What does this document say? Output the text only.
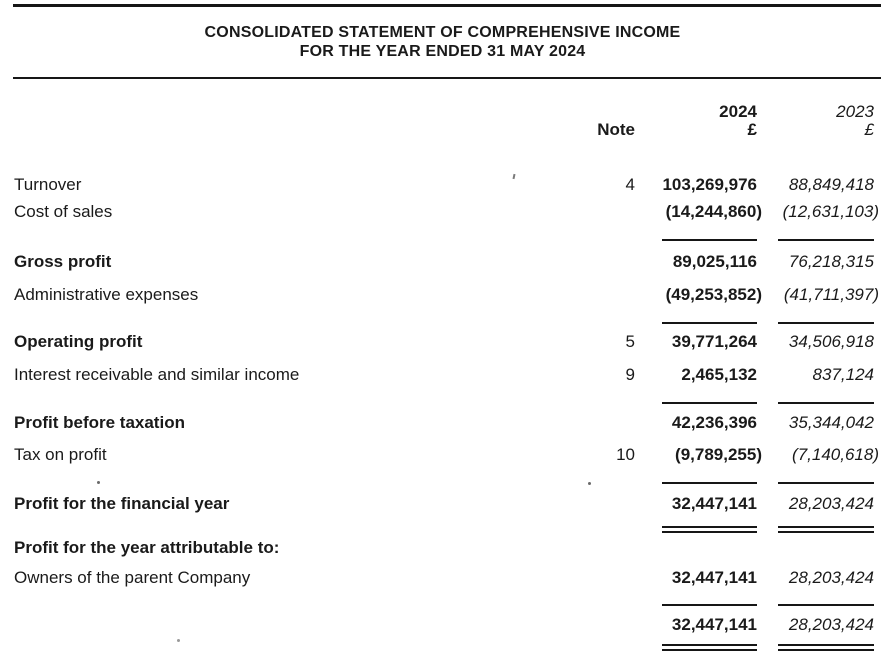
CONSOLIDATED STATEMENT OF COMPREHENSIVE INCOME
FOR THE YEAR ENDED 31 MAY 2024
2024	2023
Note	£	£
Turnover	4	103,269,976	88,849,418
Cost of sales	(14,244,860)	(12,631,103)
Gross profit	89,025,116	76,218,315
Administrative expenses	(49,253,852)	(41,711,397)
Operating profit	5	39,771,264	34,506,918
Interest receivable and similar income	9	2,465,132	837,124
Profit before taxation	42,236,396	35,344,042
Tax on profit	10	(9,789,255)	(7,140,618)
Profit for the financial year	32,447,141	28,203,424
Profit for the year attributable to:
Owners of the parent Company	32,447,141	28,203,424
32,447,141	28,203,424
